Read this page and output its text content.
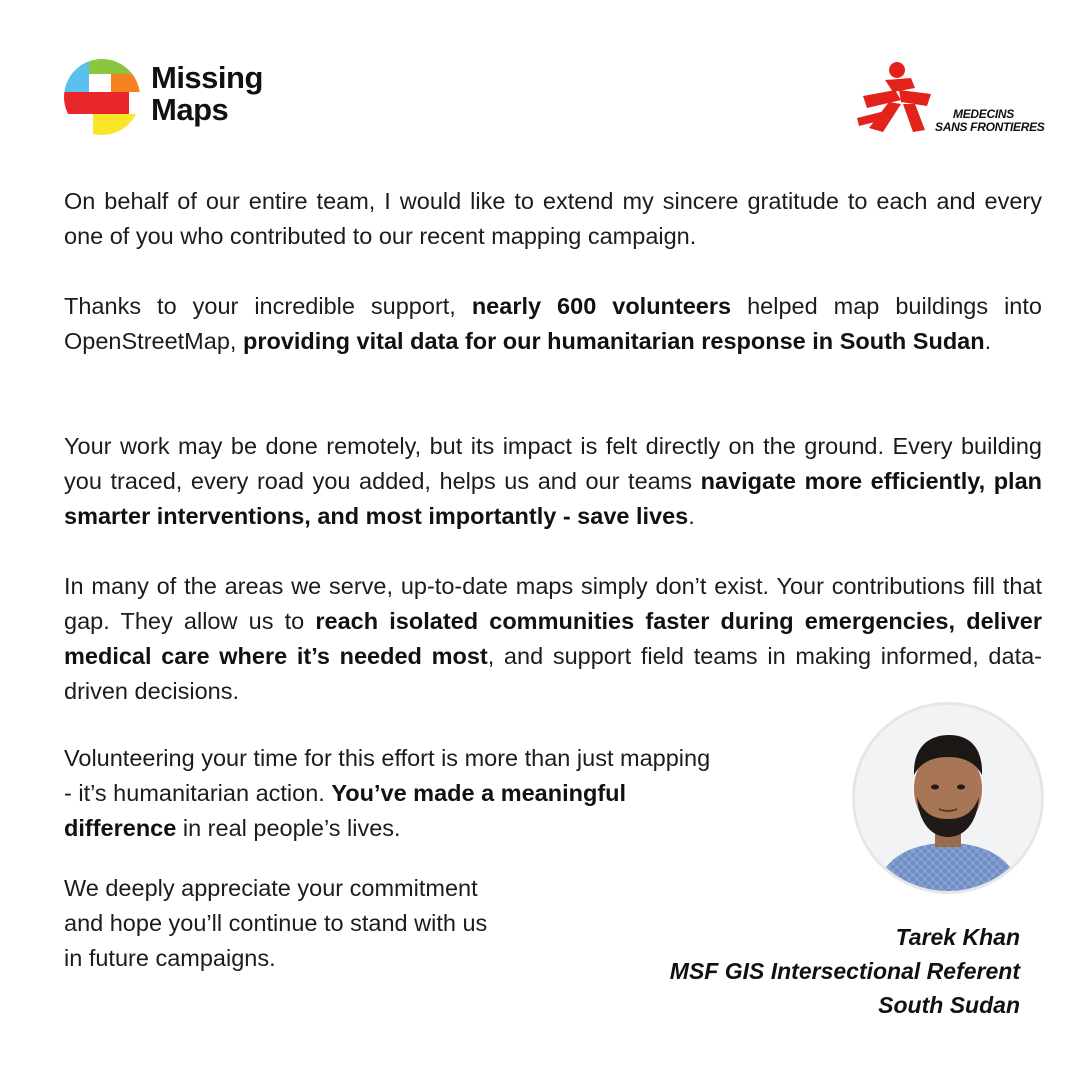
Missing
Maps	MEDECINS
SANS FRONTIERES

On behalf of our entire team, I would like to extend my sincere gratitude to each and every one of you who contributed to our recent mapping campaign.

Thanks to your incredible support, nearly 600 volunteers helped map buildings into OpenStreetMap, providing vital data for our humanitarian response in South Sudan.

Your work may be done remotely, but its impact is felt directly on the ground. Every building you traced, every road you added, helps us and our teams navigate more efficiently, plan smarter interventions, and most importantly - save lives.

In many of the areas we serve, up-to-date maps simply don’t exist. Your contributions fill that gap. They allow us to reach isolated communities faster during emergencies, deliver medical care where it’s needed most, and support field teams in making informed, data-driven decisions.

Volunteering your time for this effort is more than just mapping
- it’s humanitarian action. You’ve made a meaningful
difference in real people’s lives.

We deeply appreciate your commitment
and hope you’ll continue to stand with us
in future campaigns.

Tarek Khan
MSF GIS Intersectional Referent
South Sudan
